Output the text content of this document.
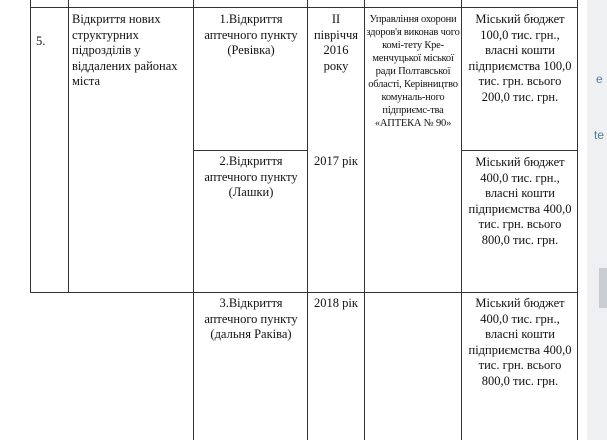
e
te
5.
Відкриття нових структурних підрозділів у віддалених районах міста
Управління охорони здоров'я виконав чого комі-тету Кре-менчуцької міської ради Полтавської області, Керівництво комуналь-ного підприємс-тва «АПТЕКА № 90»
1.Відкриття аптечного пункту (Ревівка)
II півріччя 2016 року
Міський бюджет 100,0 тис. грн., власні кошти підприємства 100,0 тис. грн. всього 200,0 тис. грн.
2.Відкриття аптечного пункту (Лашки)
2017 рік	Міський бюджет 400,0 тис. грн., власні кошти підприємства 400,0 тис. грн. всього 800,0 тис. грн.
3.Відкриття аптечного пункту (дальня Раківа)
2018 рік	Міський бюджет 400,0 тис. грн., власні кошти підприємства 400,0 тис. грн. всього 800,0 тис. грн.
